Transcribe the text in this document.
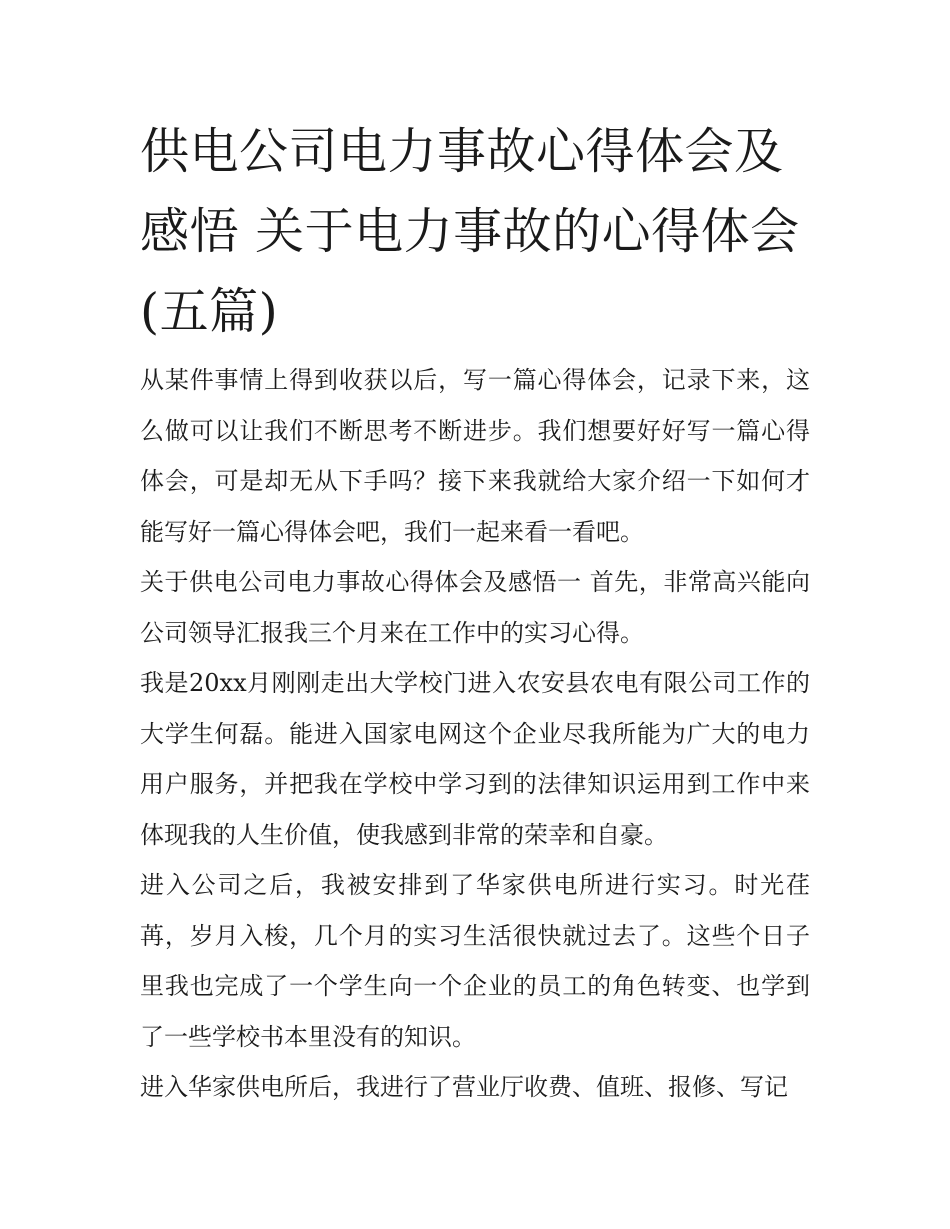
供电公司电力事故心得体会及感悟 关于电力事故的心得体会(五篇)

从某件事情上得到收获以后，写一篇心得体会，记录下来，这么做可以让我们不断思考不断进步。我们想要好好写一篇心得体会，可是却无从下手吗？接下来我就给大家介绍一下如何才能写好一篇心得体会吧，我们一起来看一看吧。

关于供电公司电力事故心得体会及感悟一 首先，非常高兴能向公司领导汇报我三个月来在工作中的实习心得。

我是20xx月刚刚走出大学校门进入农安县农电有限公司工作的大学生何磊。能进入国家电网这个企业尽我所能为广大的电力用户服务，并把我在学校中学习到的法律知识运用到工作中来体现我的人生价值，使我感到非常的荣幸和自豪。

进入公司之后，我被安排到了华家供电所进行实习。时光荏苒，岁月入梭，几个月的实习生活很快就过去了。这些个日子里我也完成了一个学生向一个企业的员工的角色转变、也学到了一些学校书本里没有的知识。

进入华家供电所后，我进行了营业厅收费、值班、报修、写记
